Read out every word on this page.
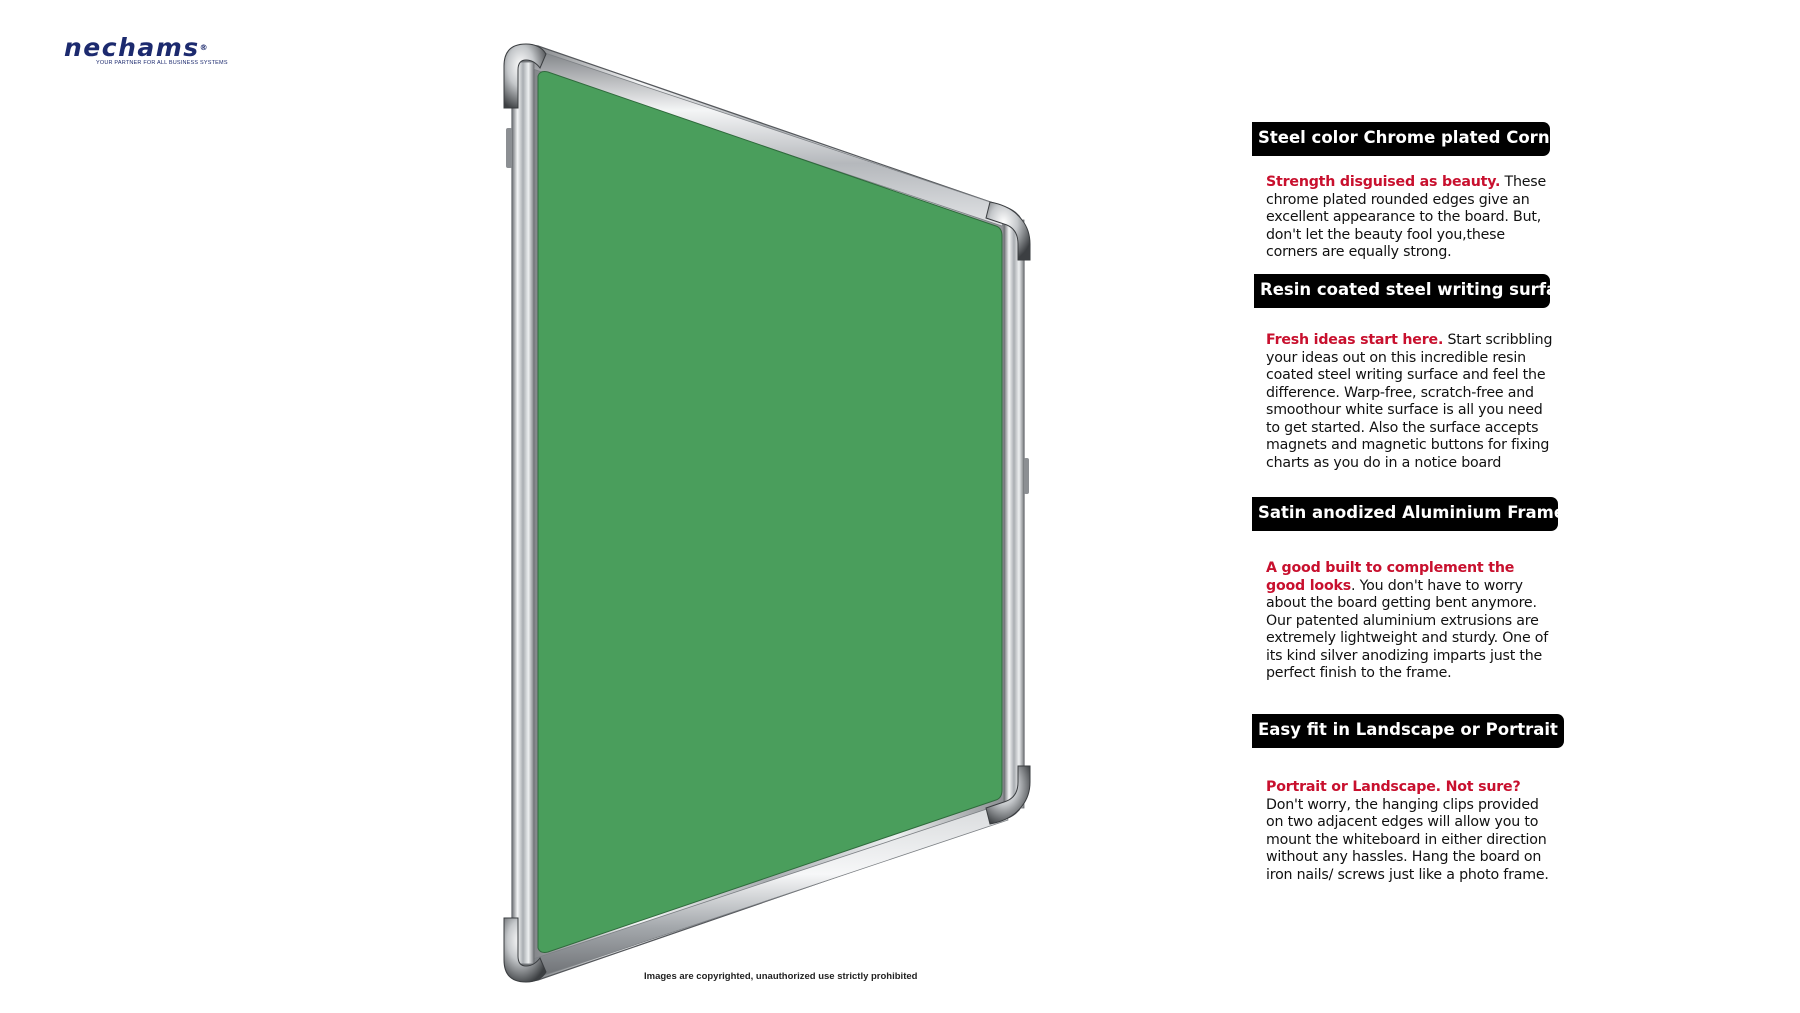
nechams®
YOUR PARTNER FOR ALL BUSINESS SYSTEMS
Images are copyrighted, unauthorized use strictly prohibited
Steel color Chrome plated Corners
Strength disguised as beauty. These chrome plated rounded edges give an excellent appearance to the board. But, don't let the beauty fool you,these corners are equally strong.
Resin coated steel writing surface
Fresh ideas start here. Start scribbling your ideas out on this incredible resin coated steel writing surface and feel the difference. Warp-free, scratch-free and smoothour white surface is all you need to get started. Also the surface accepts magnets and magnetic buttons for fixing charts as you do in a notice board
Satin anodized Aluminium Frame
A good built to complement the good looks. You don't have to worry about the board getting bent anymore. Our patented aluminium extrusions are extremely lightweight and sturdy. One of its kind silver anodizing imparts just the perfect finish to the frame.
Easy fit in Landscape or Portrait
Portrait or Landscape. Not sure? Don't worry, the hanging clips provided on two adjacent edges will allow you to mount the whiteboard in either direction without any hassles. Hang the board on iron nails/ screws just like a photo frame.
